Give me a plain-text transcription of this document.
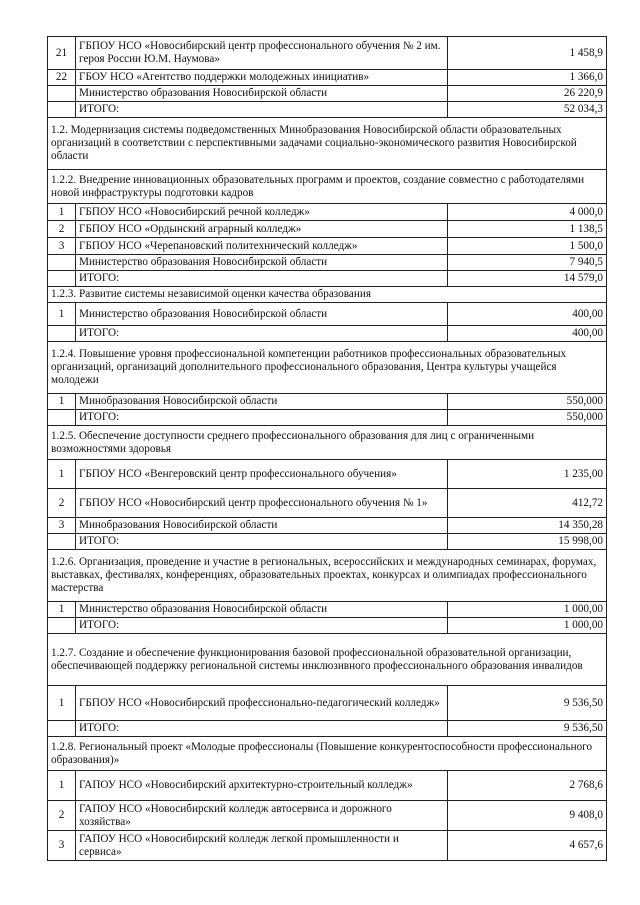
21	ГБПОУ НСО «Новосибирский центр профессионального обучения № 2 им. героя России Ю.М. Наумова»	1 458,9
22	ГБОУ НСО «Агентство поддержки молодежных инициатив»	1 366,0
	Министерство образования Новосибирской области	26 220,9
	ИТОГО:	52 034,3
1.2. Модернизация системы подведомственных Минобразования Новосибирской области образовательных организаций в соответствии с перспективными задачами социально-экономического развития Новосибирской области		
1.2.2. Внедрение инновационных образовательных программ и проектов, создание совместно с работодателями новой инфраструктуры подготовки кадров		
1	ГБПОУ НСО «Новосибирский речной колледж»	4 000,0
2	ГБПОУ НСО «Ордынский аграрный колледж»	1 138,5
3	ГБПОУ НСО «Черепановский политехнический колледж»	1 500,0
	Министерство образования Новосибирской области	7 940,5
	ИТОГО:	14 579,0
1.2.3. Развитие системы независимой оценки качества образования		
1	Министерство образования Новосибирской области	400,00
	ИТОГО:	400,00
1.2.4. Повышение уровня профессиональной компетенции работников профессиональных образовательных организаций, организаций дополнительного профессионального образования, Центра культуры учащейся молодежи		
1	Минобразования Новосибирской области	550,000
	ИТОГО:	550,000
1.2.5. Обеспечение доступности среднего профессионального образования для лиц с ограниченными возможностями здоровья		
1	ГБПОУ НСО «Венгеровский центр профессионального обучения»	1 235,00
2	ГБПОУ НСО «Новосибирский центр профессионального обучения № 1»	412,72
3	Минобразования Новосибирской области	14 350,28
	ИТОГО:	15 998,00
1.2.6. Организация, проведение и участие в региональных, всероссийских и международных семинарах, форумах, выставках, фестивалях, конференциях, образовательных проектах, конкурсах и олимпиадах профессионального мастерства		
1	Министерство образования Новосибирской области	1 000,00
	ИТОГО:	1 000,00
1.2.7. Создание и обеспечение функционирования базовой профессиональной образовательной организации, обеспечивающей поддержку региональной системы инклюзивного профессионального образования инвалидов		
1	ГБПОУ НСО «Новосибирский профессионально-педагогический колледж»	9 536,50
	ИТОГО:	9 536,50
1.2.8. Региональный проект «Молодые профессионалы (Повышение конкурентоспособности профессионального образования)»		
1	ГАПОУ НСО «Новосибирский архитектурно-строительный колледж»	2 768,6
2	ГАПОУ НСО «Новосибирский колледж автосервиса и дорожного хозяйства»	9 408,0
3	ГАПОУ НСО «Новосибирский колледж легкой промышленности и сервиса»	4 657,6
